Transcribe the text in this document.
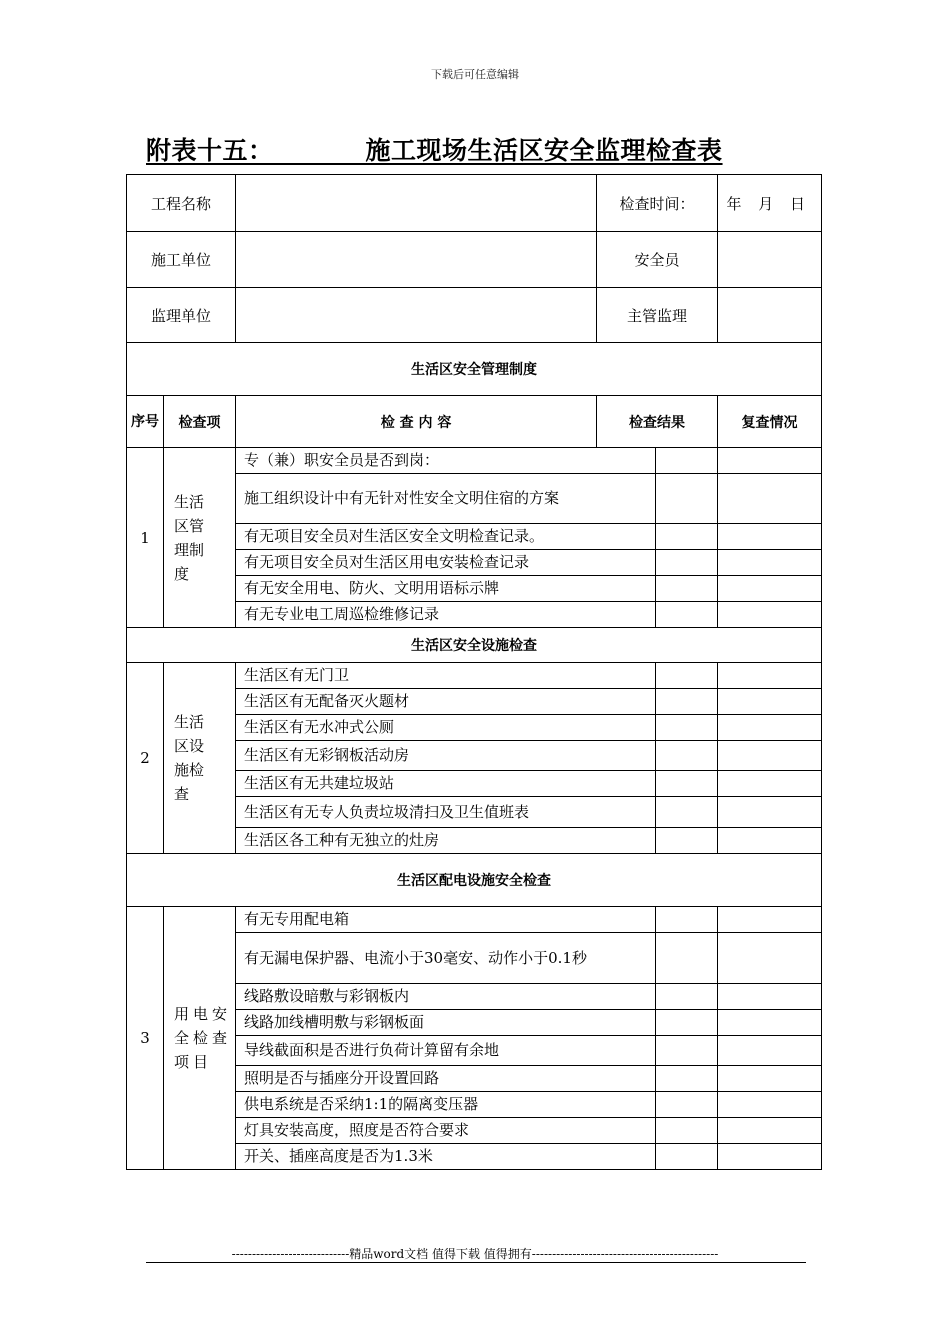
下载后可任意编辑
附表十五：          施工现场生活区安全监理检查表
工程名称			检查时间：		年 月 日
施工单位			安全员		
监理单位			主管监理		
生活区安全管理制度					
序号	检查项	检 查 内 容	检查结果		复查情况
1	生活区管理制度	专（兼）职安全员是否到岗：			
		施工组织设计中有无针对性安全文明住宿的方案			
		有无项目安全员对生活区安全文明检查记录。			
		有无项目安全员对生活区用电安装检查记录			
		有无安全用电、防火、文明用语标示牌			
		有无专业电工周巡检维修记录			
生活区安全设施检查					
2	生活区设施检查	生活区有无门卫			
		生活区有无配备灭火题材			
		生活区有无水冲式公厕			
		生活区有无彩钢板活动房			
		生活区有无共建垃圾站			
		生活区有无专人负责垃圾清扫及卫生值班表			
		生活区各工种有无独立的灶房			
生活区配电设施安全检查					
3	用电安全检查项目	有无专用配电箱			
		有无漏电保护器、电流小于30毫安、动作小于0.1秒			
		线路敷设暗敷与彩钢板内			
		线路加线槽明敷与彩钢板面			
		导线截面积是否进行负荷计算留有余地			
		照明是否与插座分开设置回路			
		供电系统是否采纳1:1的隔离变压器			
		灯具安装高度，照度是否符合要求			
		开关、插座高度是否为1.3米			
-----------------------------精品word文档 值得下载 值得拥有----------------------------------------------
